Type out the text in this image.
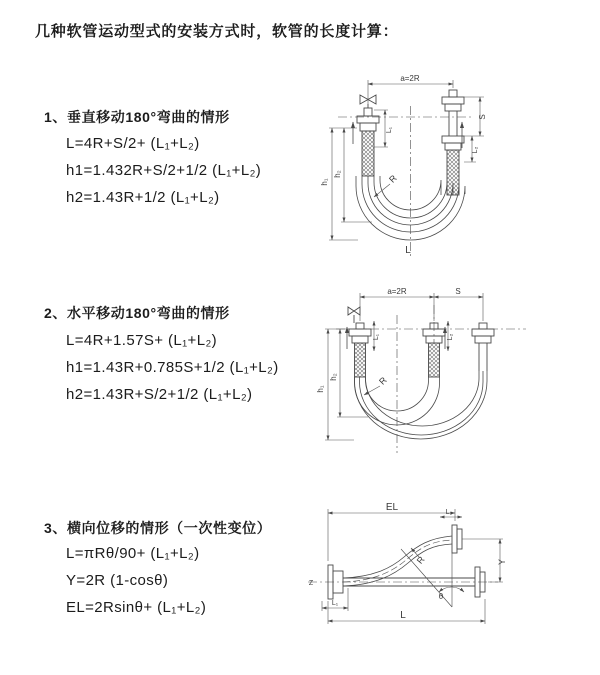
几种软管运动型式的安装方式时，软管的长度计算：
1、垂直移动180°弯曲的情形
L=4R+S/2+ (L₁+L₂)
h1=1.432R+S/2+1/2 (L₁+L₂)
h2=1.43R+1/2 (L₁+L₂)
2、水平移动180°弯曲的情形
L=4R+1.57S+ (L₁+L₂)
h1=1.43R+0.785S+1/2 (L₁+L₂)
h2=1.43R+S/2+1/2 (L₁+L₂)
3、横向位移的情形（一次性变位）
L=πRθ/90+ (L₁+L₂)
Y=2R (1-cosθ)
EL=2Rsinθ+ (L₁+L₂)
a=2R
h₁
h₂
L₁
S
L₂
R
L
a=2R	S
h₁
h₂
L₁	L₂
R
EL	L₂
Y
R
θ
L
L₁
Z
